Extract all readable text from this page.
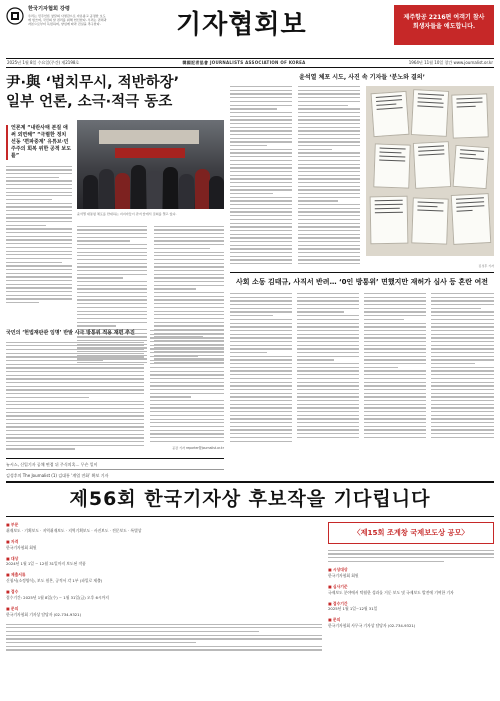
한국기자협회 강령
우리는 민주언론 창달의 사명감으로 자유롭고 공정한 보도에 힘쓰며, 국민의 알 권리를 위해 헌신한다. 우리는 권력과 자본으로부터 독립하며, 양심에 따라 진실을 추구한다.	기자협회보	제주항공 2216편 여객기 참사
희생자들을 애도합니다.
2025년 1월 8일 수요일(주간) 제2198호	韓國記者協會 JOURNALISTS ASSOCIATION OF KOREA	1964년 11월 10일 창간 www.journalist.or.kr
尹·與 ‘법치무시, 적반하장’
일부 언론, 소극·적극 동조
언론계 “내란사태 본질 애써 외면해” “극렬한 정치 선동 ‘편파중계’ 유튜브·민주주의 회복 위한 공적 보도를”
윤석열 대통령 체포를 반대하는 지지자들이 관저 앞에서 집회를 열고 있다.
윤석열 체포 시도, 사진 속 기자들 ‘분노와 결의’
김성후 기자
사회 소동 김태규, 사직서 반려… ‘0인 방통위’ 면했지만 재허가 심사 등 혼란 여전
국민의 ‘헌법재판관 임명’ 반발 사극 방통위 적용 재편 추진
공감 기자 reporter@journalist.or.kr
뉴시스, 신입기자 공채 면접 뒤 주식의혹… 무슨 일이
김성후의 The Journalist (1) 김대통 ‘계엄 전화’ 확보 기자
제56회 한국기자상 후보작을 기다립니다
■ 부문
취재보도 · 기획보도 · 지역취재보도 · 지역기획보도 · 사진보도 · 전문보도 · 특별상
■ 자격
한국기자협회 회원
■ 대상
2024년 1월 1일 ~ 12월 31일까지 보도된 작품
■ 제출서류
신청서(소정양식), 보도 원본, 공적서 각 1부 (파일로 제출)
■ 접수
접수기간: 2025년 1월 8일(수) ~ 1월 31일(금) 오후 6시까지
■ 문의
한국기자협회 기자상 담당자 (02-734-9321)
〈제15회 조계창 국제보도상 공모〉
■ 시상대상
한국기자협회 회원
■ 심사기준
국제보도 분야에서 탁월한 성과를 거둔 보도 및 국제보도 발전에 기여한 기자
■ 접수기간
2025년 1월 1일~12월 31일
■ 문의
한국기자협회 사무국 기자상 담당자 (02-734-9321)
